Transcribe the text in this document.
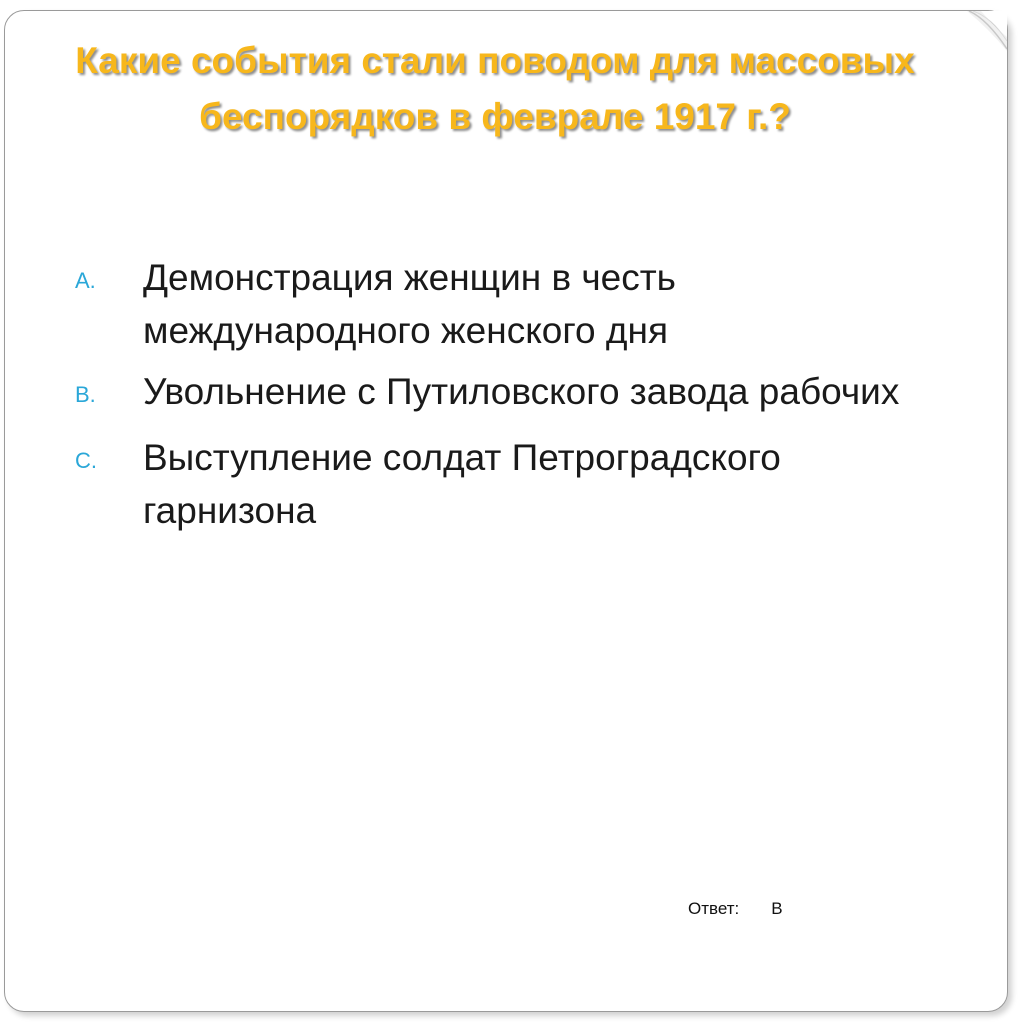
Какие события стали поводом для массовых беспорядков в феврале 1917 г.?
A.	Демонстрация женщин в честь международного женского дня
B.	Увольнение с Путиловского завода рабочих
C.	Выступление солдат Петроградского гарнизона
Ответ: В
